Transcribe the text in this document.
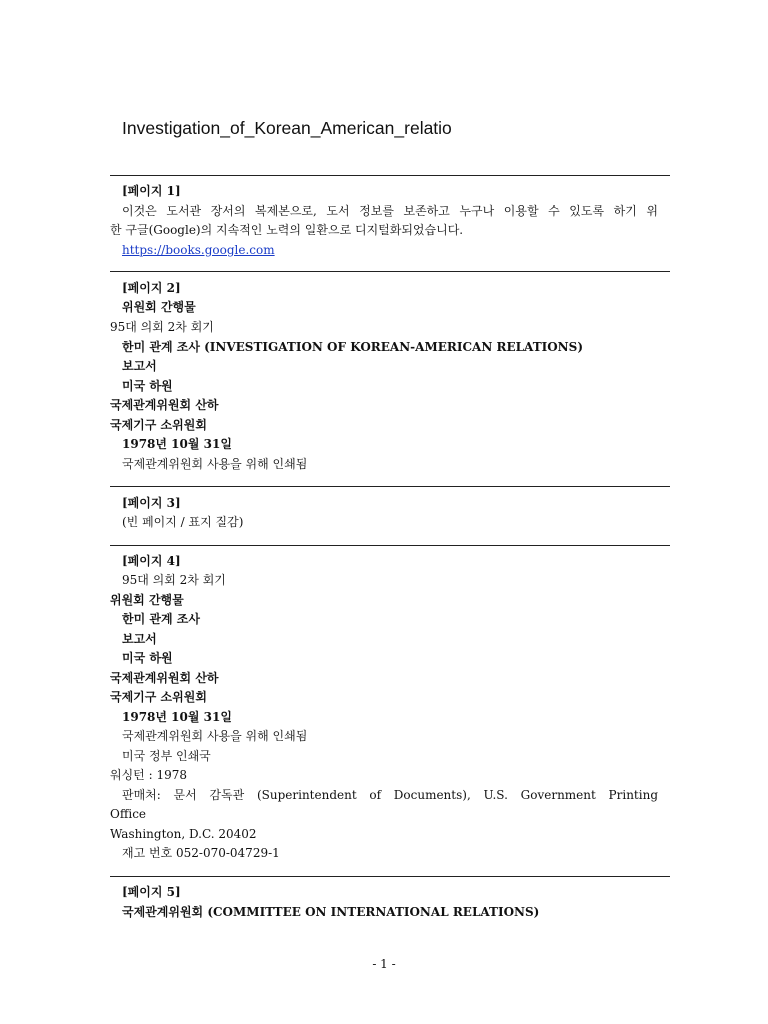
Investigation_of_Korean_American_relatio
[페이지 1]
이것은 도서관 장서의 복제본으로, 도서 정보를 보존하고 누구나 이용할 수 있도록 하기 위
한 구글(Google)의 지속적인 노력의 일환으로 디지털화되었습니다.
https://books.google.com
[페이지 2]
위원회 간행물
95대 의회 2차 회기
한미 관계 조사 (INVESTIGATION OF KOREAN-AMERICAN RELATIONS)
보고서
미국 하원
국제관계위원회 산하
국제기구 소위원회
1978년 10월 31일
국제관계위원회 사용을 위해 인쇄됨
[페이지 3]
(빈 페이지 / 표지 질감)
[페이지 4]
95대 의회 2차 회기
위원회 간행물
한미 관계 조사
보고서
미국 하원
국제관계위원회 산하
국제기구 소위원회
1978년 10월 31일
국제관계위원회 사용을 위해 인쇄됨
미국 정부 인쇄국
워싱턴 : 1978
판매처: 문서 감독관 (Superintendent of Documents), U.S. Government Printing
Office
Washington, D.C. 20402
재고 번호 052-070-04729-1
[페이지 5]
국제관계위원회 (COMMITTEE ON INTERNATIONAL RELATIONS)
- 1 -
